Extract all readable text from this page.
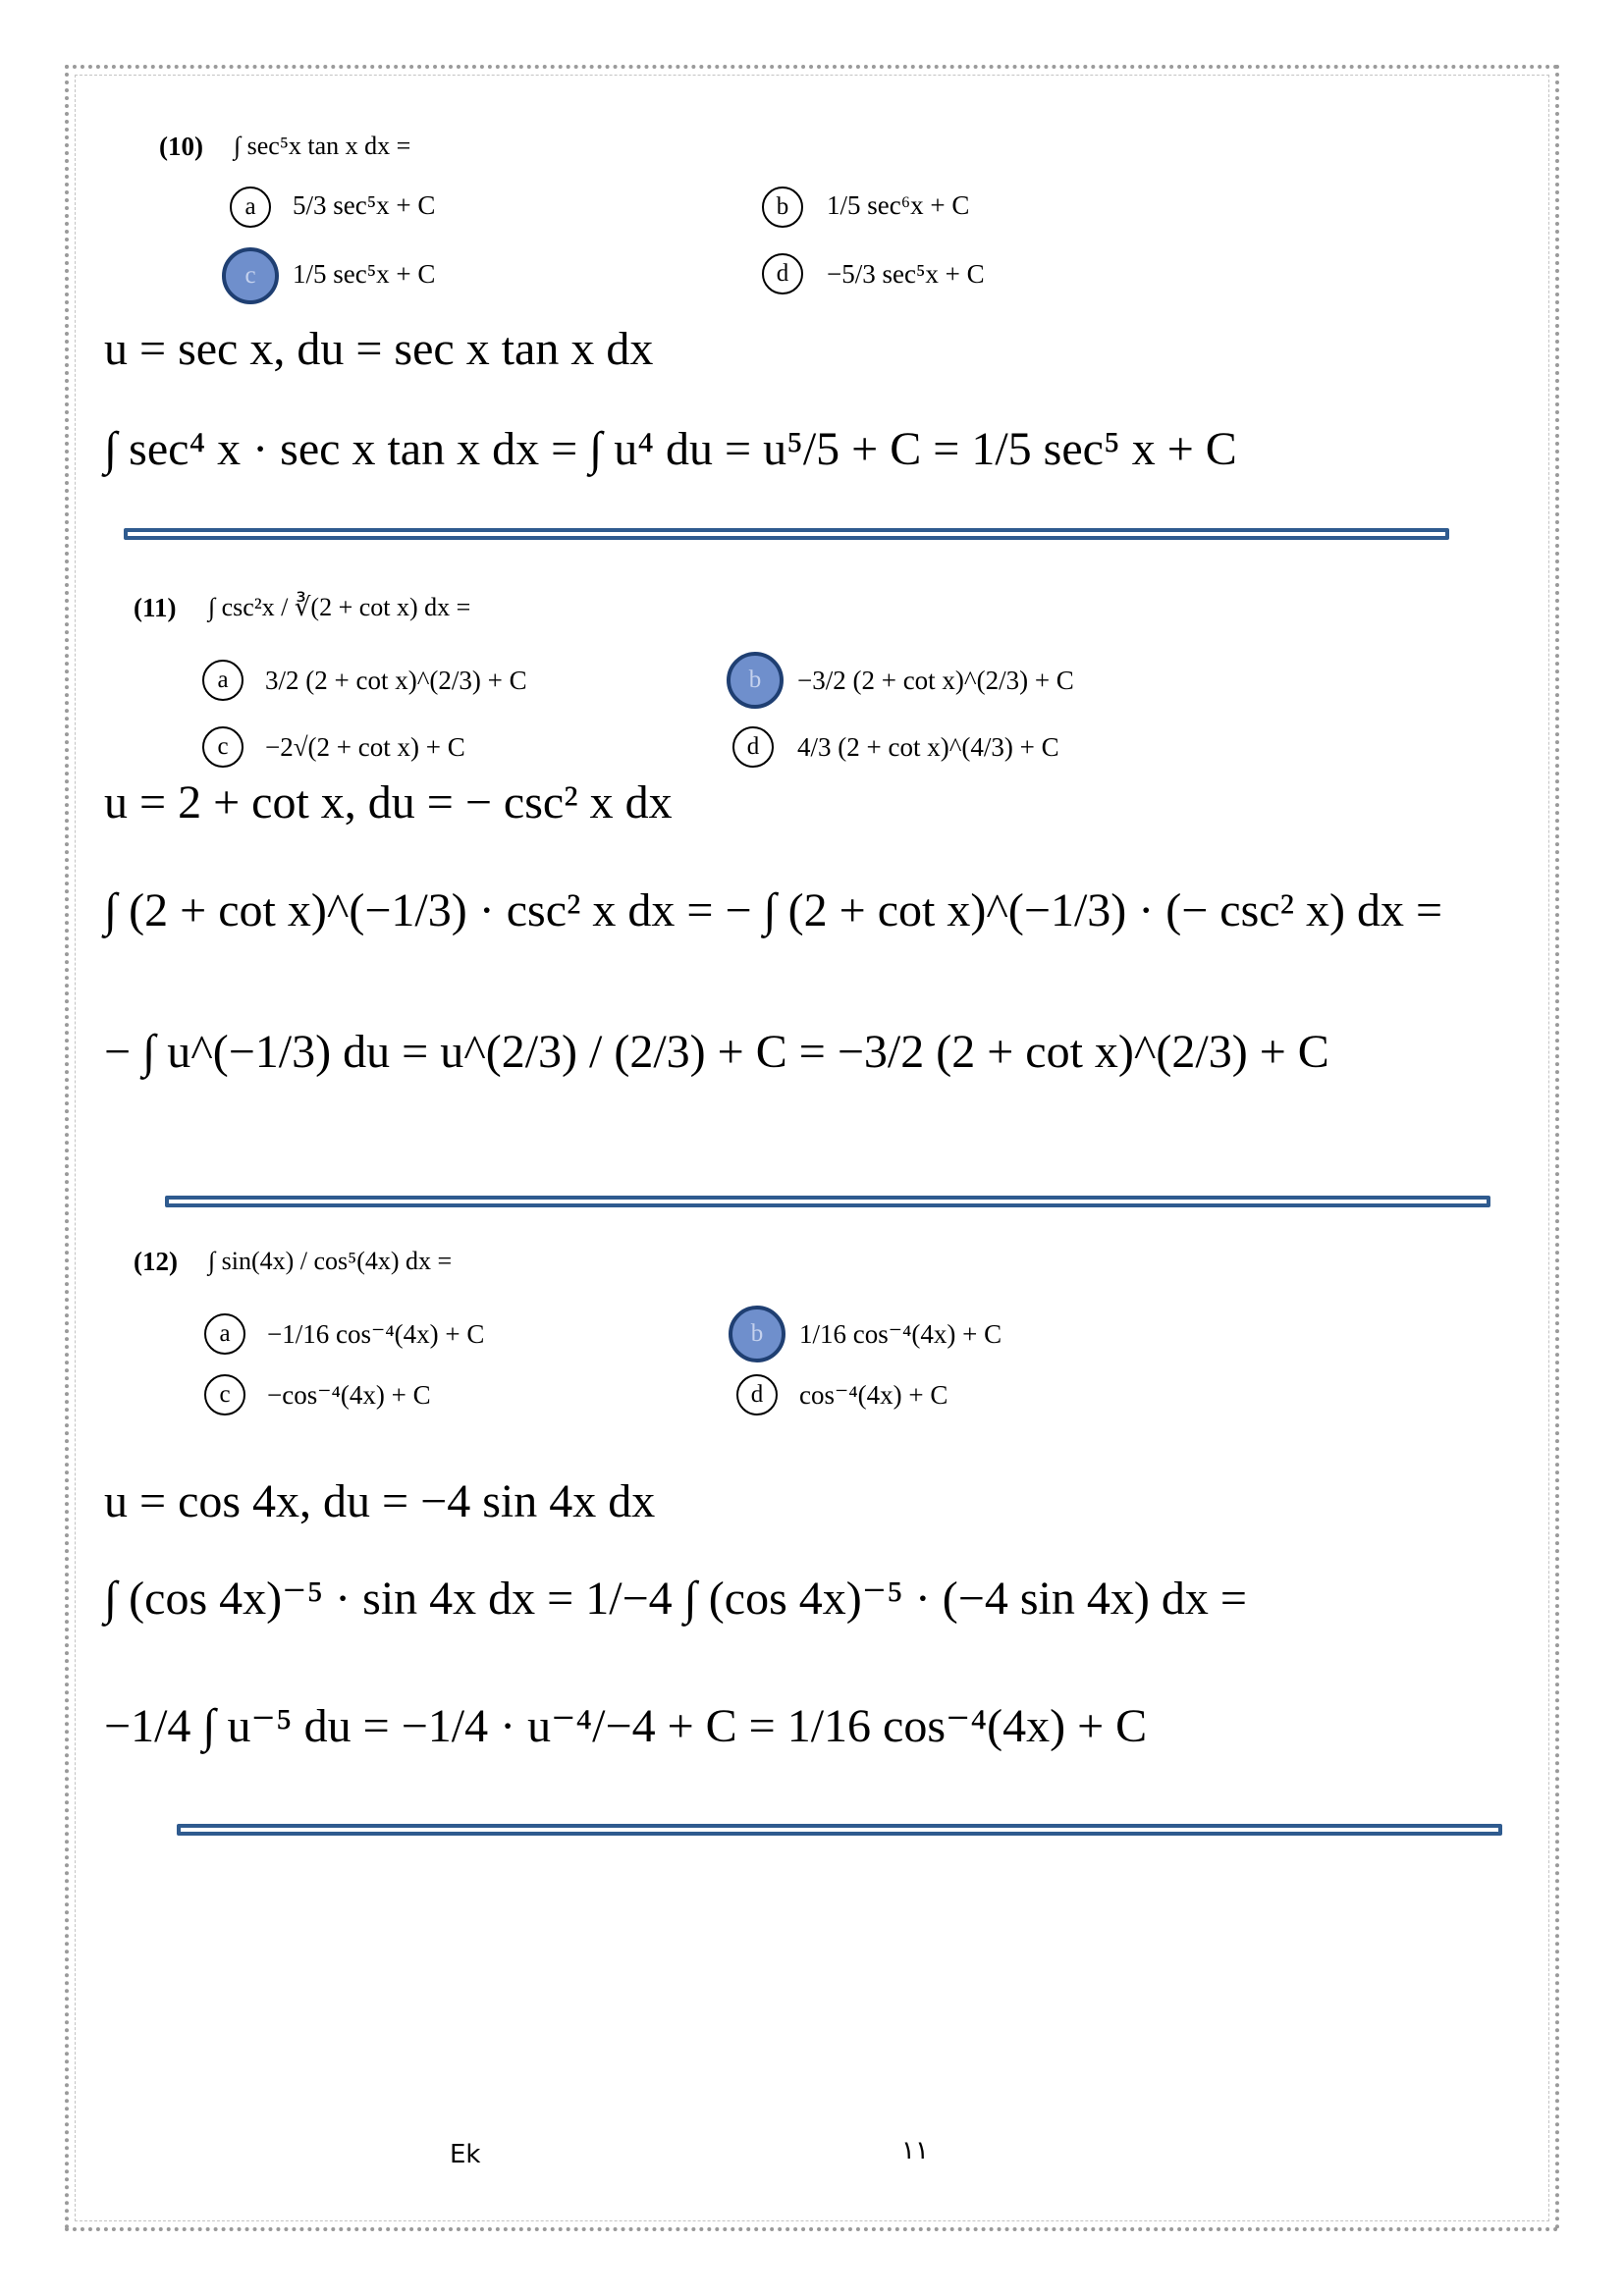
(10) ∫ sec⁵x tan x dx =
a	5/3 sec⁵x + C	b	1/5 sec⁶x + C
c	1/5 sec⁵x + C	d	−5/3 sec⁵x + C
u = sec x, du = sec x tan x dx
∫ sec⁴ x · sec x tan x dx = ∫ u⁴ du = u⁵/5 + C = 1/5 sec⁵ x + C
(11) ∫ csc²x / ∛(2 + cot x) dx =
a	3/2 (2 + cot x)^(2/3) + C	b	−3/2 (2 + cot x)^(2/3) + C
c	−2√(2 + cot x) + C	d	4/3 (2 + cot x)^(4/3) + C
u = 2 + cot x, du = − csc² x dx
∫ (2 + cot x)^(−1/3) · csc² x dx = − ∫ (2 + cot x)^(−1/3) · (− csc² x) dx =
− ∫ u^(−1/3) du = u^(2/3) / (2/3) + C = −3/2 (2 + cot x)^(2/3) + C
(12) ∫ sin(4x) / cos⁵(4x) dx =
a	−1/16 cos⁻⁴(4x) + C	b	1/16 cos⁻⁴(4x) + C
c	−cos⁻⁴(4x) + C	d	cos⁻⁴(4x) + C
u = cos 4x, du = −4 sin 4x dx
∫ (cos 4x)⁻⁵ · sin 4x dx = 1/−4 ∫ (cos 4x)⁻⁵ · (−4 sin 4x) dx =
−1/4 ∫ u⁻⁵ du = −1/4 · u⁻⁴/−4 + C = 1/16 cos⁻⁴(4x) + C
Ek	١١
